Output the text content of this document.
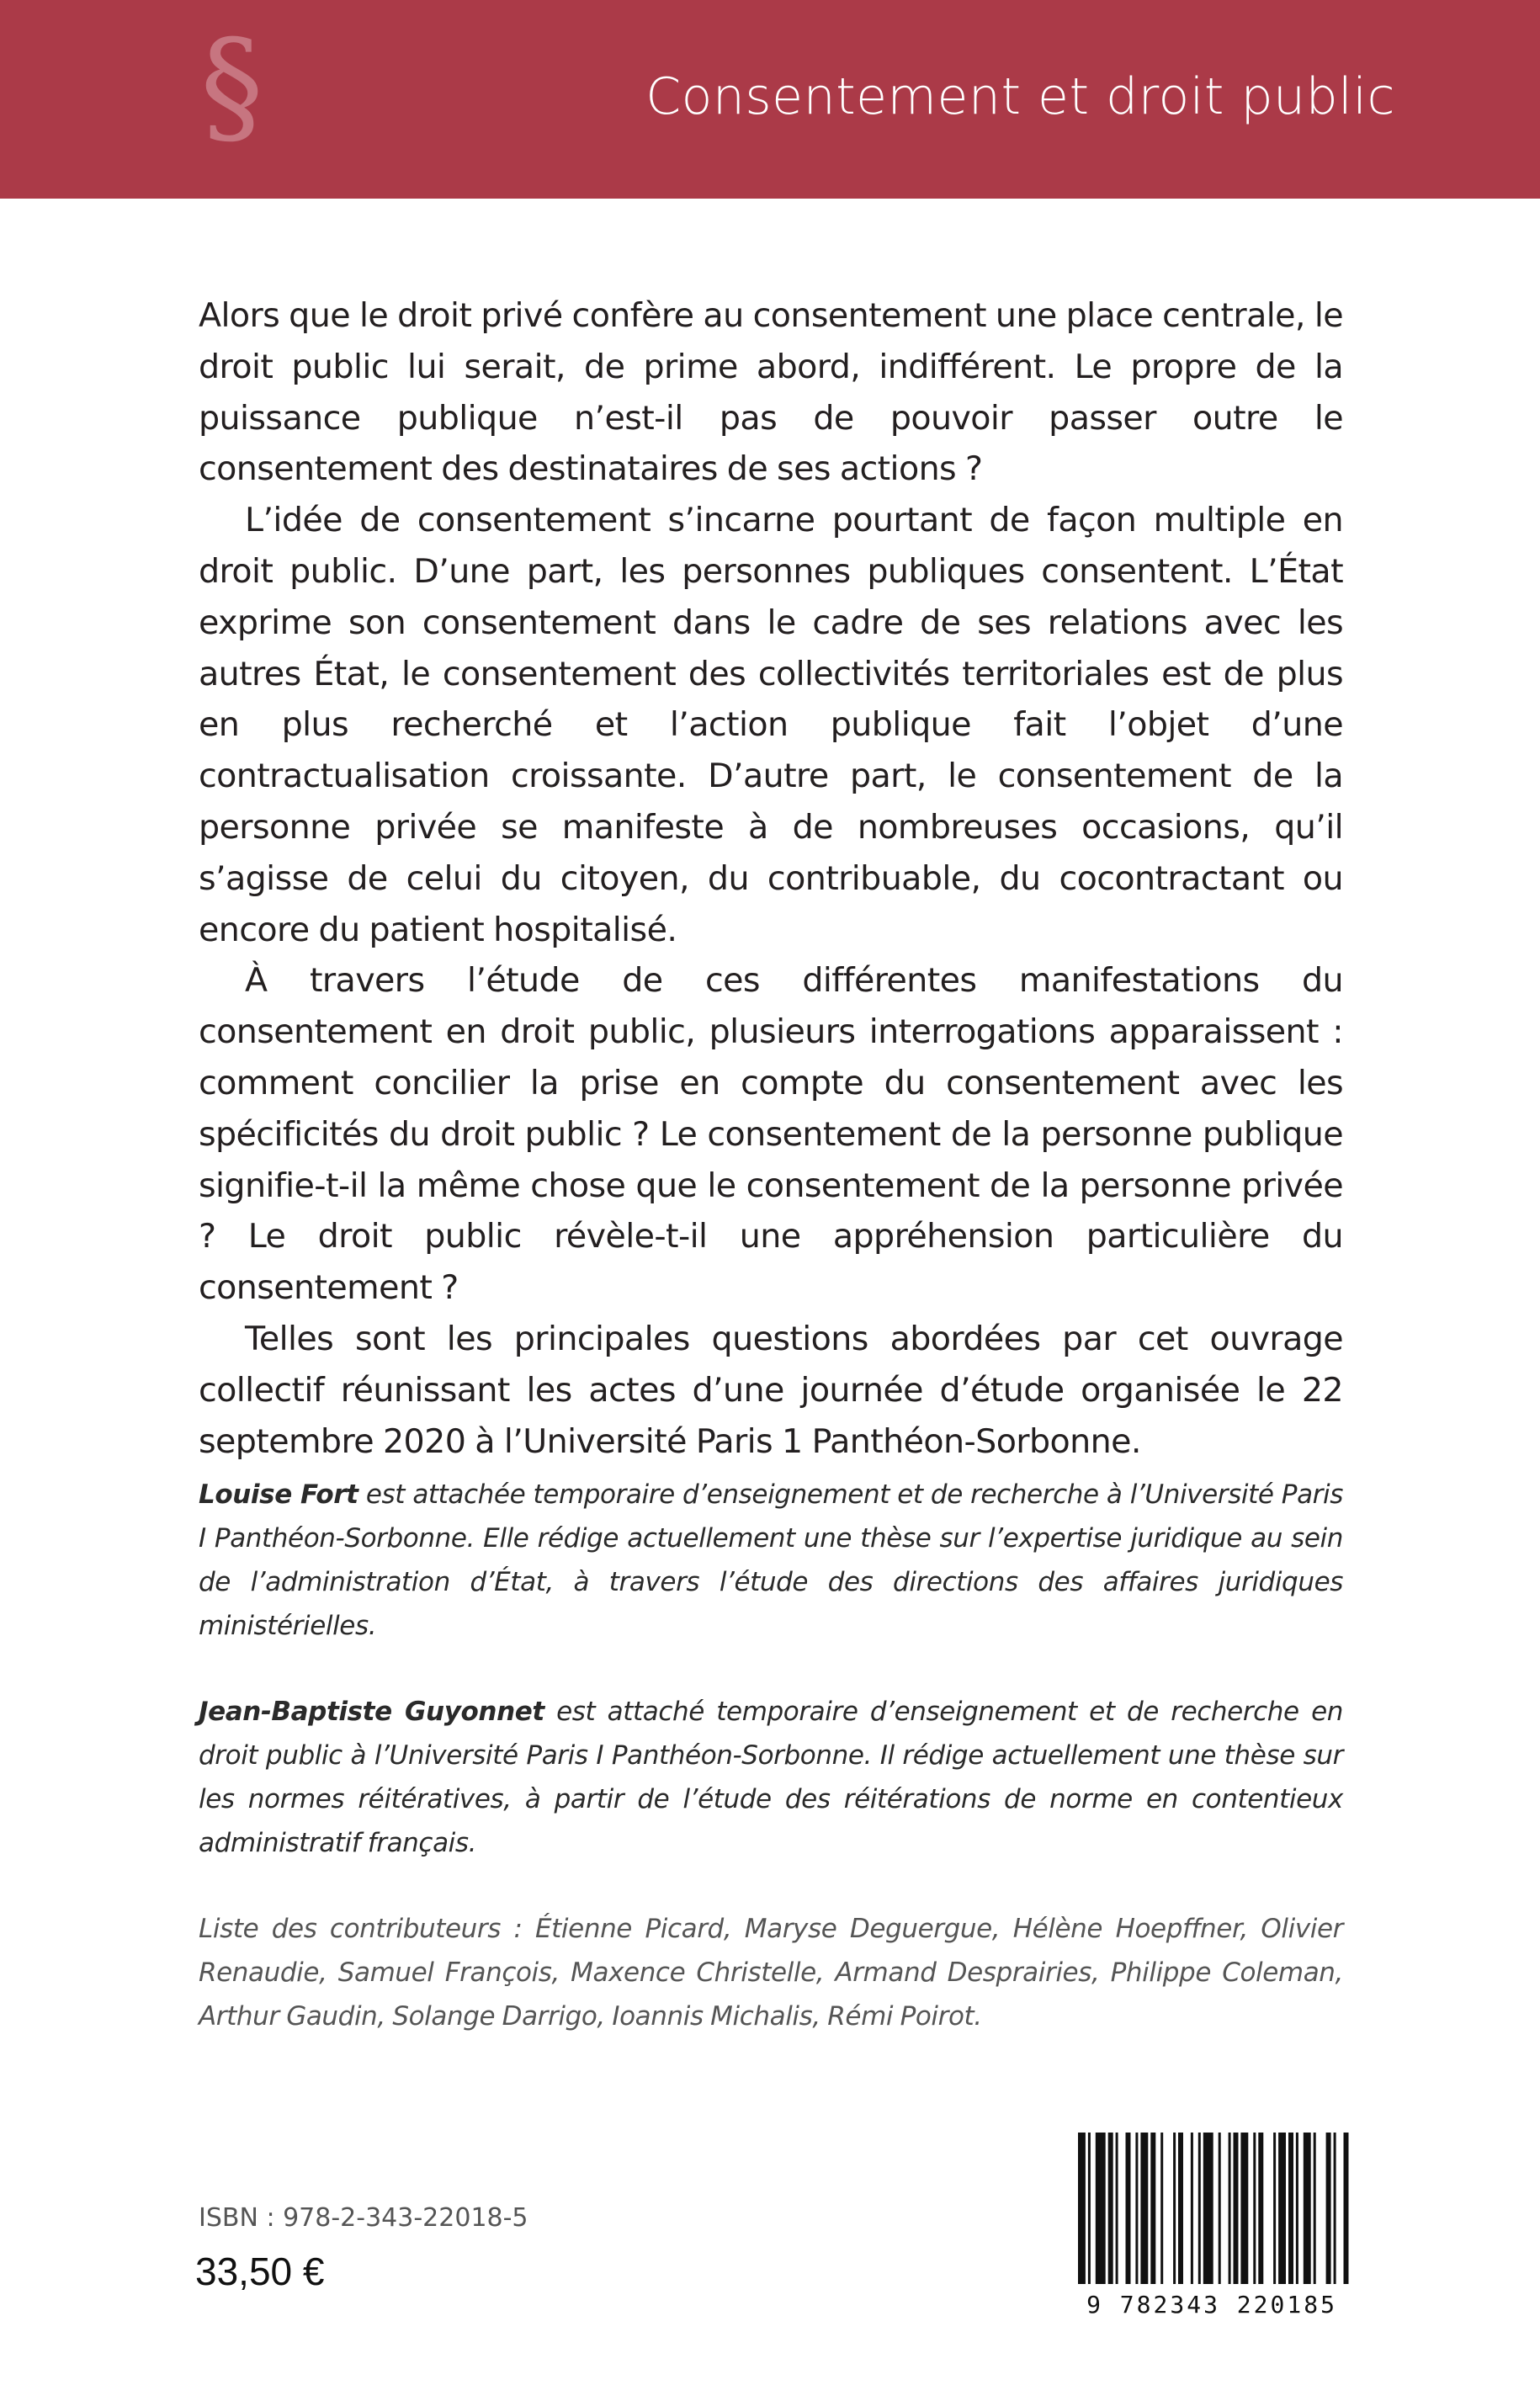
§	Consentement et droit public

Alors que le droit privé confère au consentement une place centrale, le droit public lui serait, de prime abord, indifférent. Le propre de la puissance publique n’est-il pas de pouvoir passer outre le consentement des destinataires de ses actions ?

L’idée de consentement s’incarne pourtant de façon multiple en droit public. D’une part, les personnes publiques consentent. L’État exprime son consentement dans le cadre de ses relations avec les autres État, le consentement des collectivités territoriales est de plus en plus recherché et l’action publique fait l’objet d’une contractualisation croissante. D’autre part, le consentement de la personne privée se manifeste à de nombreuses occasions, qu’il s’agisse de celui du citoyen, du contribuable, du cocontractant ou encore du patient hospitalisé.

À travers l’étude de ces différentes manifestations du consentement en droit public, plusieurs interrogations apparaissent : comment concilier la prise en compte du consentement avec les spécificités du droit public ? Le consentement de la personne publique signifie-t-il la même chose que le consentement de la personne privée ? Le droit public révèle-t-il une appréhension particulière du consentement ?

Telles sont les principales questions abordées par cet ouvrage collectif réunissant les actes d’une journée d’étude organisée le 22 septembre 2020 à l’Université Paris 1 Panthéon-Sorbonne.

Louise Fort est attachée temporaire d’enseignement et de recherche à l’Université Paris I Panthéon-Sorbonne. Elle rédige actuellement une thèse sur l’expertise juridique au sein de l’administration d’État, à travers l’étude des directions des affaires juridiques ministérielles.

Jean-Baptiste Guyonnet est attaché temporaire d’enseignement et de recherche en droit public à l’Université Paris I Panthéon-Sorbonne. Il rédige actuellement une thèse sur les normes réitératives, à partir de l’étude des réitérations de norme en contentieux administratif français.

Liste des contributeurs : Étienne Picard, Maryse Deguergue, Hélène Hoepffner, Olivier Renaudie, Samuel François, Maxence Christelle, Armand Desprairies, Philippe Coleman, Arthur Gaudin, Solange Darrigo, Ioannis Michalis, Rémi Poirot.

ISBN : 978-2-343-22018-5
33,50 €
9 782343 220185
